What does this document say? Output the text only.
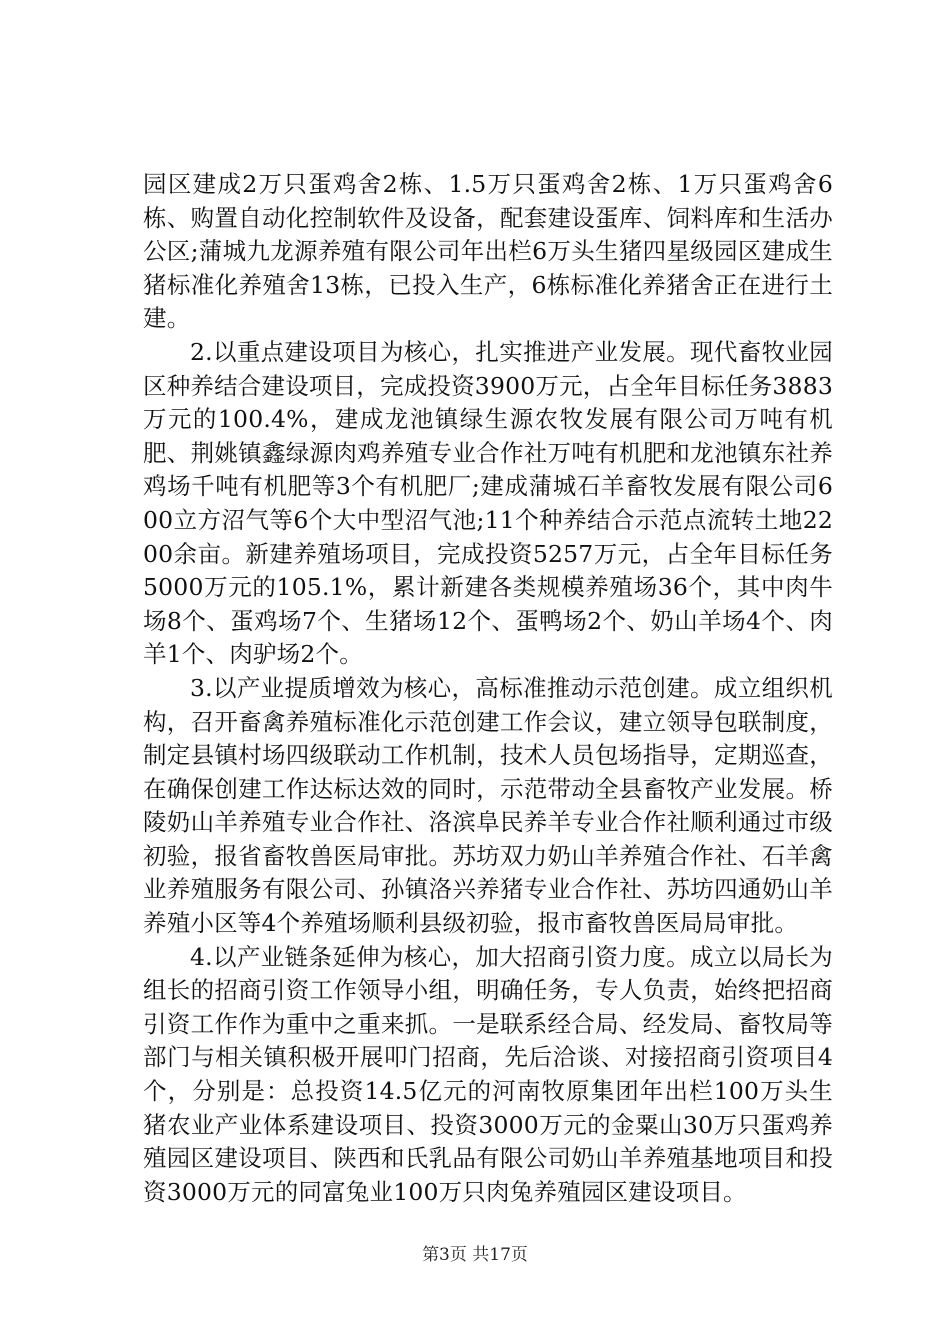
园区建成2万只蛋鸡舍2栋、1.5万只蛋鸡舍2栋、1万只蛋鸡舍6栋、购置自动化控制软件及设备，配套建设蛋库、饲料库和生活办公区;蒲城九龙源养殖有限公司年出栏6万头生猪四星级园区建成生猪标准化养殖舍13栋，已投入生产，6栋标准化养猪舍正在进行土建。

2.以重点建设项目为核心，扎实推进产业发展。现代畜牧业园区种养结合建设项目，完成投资3900万元，占全年目标任务3883万元的100.4%，建成龙池镇绿生源农牧发展有限公司万吨有机肥、荆姚镇鑫绿源肉鸡养殖专业合作社万吨有机肥和龙池镇东社养鸡场千吨有机肥等3个有机肥厂;建成蒲城石羊畜牧发展有限公司600立方沼气等6个大中型沼气池;11个种养结合示范点流转土地2200余亩。新建养殖场项目，完成投资5257万元，占全年目标任务5000万元的105.1%，累计新建各类规模养殖场36个，其中肉牛场8个、蛋鸡场7个、生猪场12个、蛋鸭场2个、奶山羊场4个、肉羊1个、肉驴场2个。

3.以产业提质增效为核心，高标准推动示范创建。成立组织机构，召开畜禽养殖标准化示范创建工作会议，建立领导包联制度，制定县镇村场四级联动工作机制，技术人员包场指导，定期巡查，在确保创建工作达标达效的同时，示范带动全县畜牧产业发展。桥陵奶山羊养殖专业合作社、洛滨阜民养羊专业合作社顺利通过市级初验，报省畜牧兽医局审批。苏坊双力奶山羊养殖合作社、石羊禽业养殖服务有限公司、孙镇洛兴养猪专业合作社、苏坊四通奶山羊养殖小区等4个养殖场顺利县级初验，报市畜牧兽医局局审批。

4.以产业链条延伸为核心，加大招商引资力度。成立以局长为组长的招商引资工作领导小组，明确任务，专人负责，始终把招商引资工作作为重中之重来抓。一是联系经合局、经发局、畜牧局等部门与相关镇积极开展叩门招商，先后洽谈、对接招商引资项目4个，分别是：总投资14.5亿元的河南牧原集团年出栏100万头生猪农业产业体系建设项目、投资3000万元的金粟山30万只蛋鸡养殖园区建设项目、陕西和氏乳品有限公司奶山羊养殖基地项目和投资3000万元的同富兔业100万只肉兔养殖园区建设项目。

第3页 共17页
